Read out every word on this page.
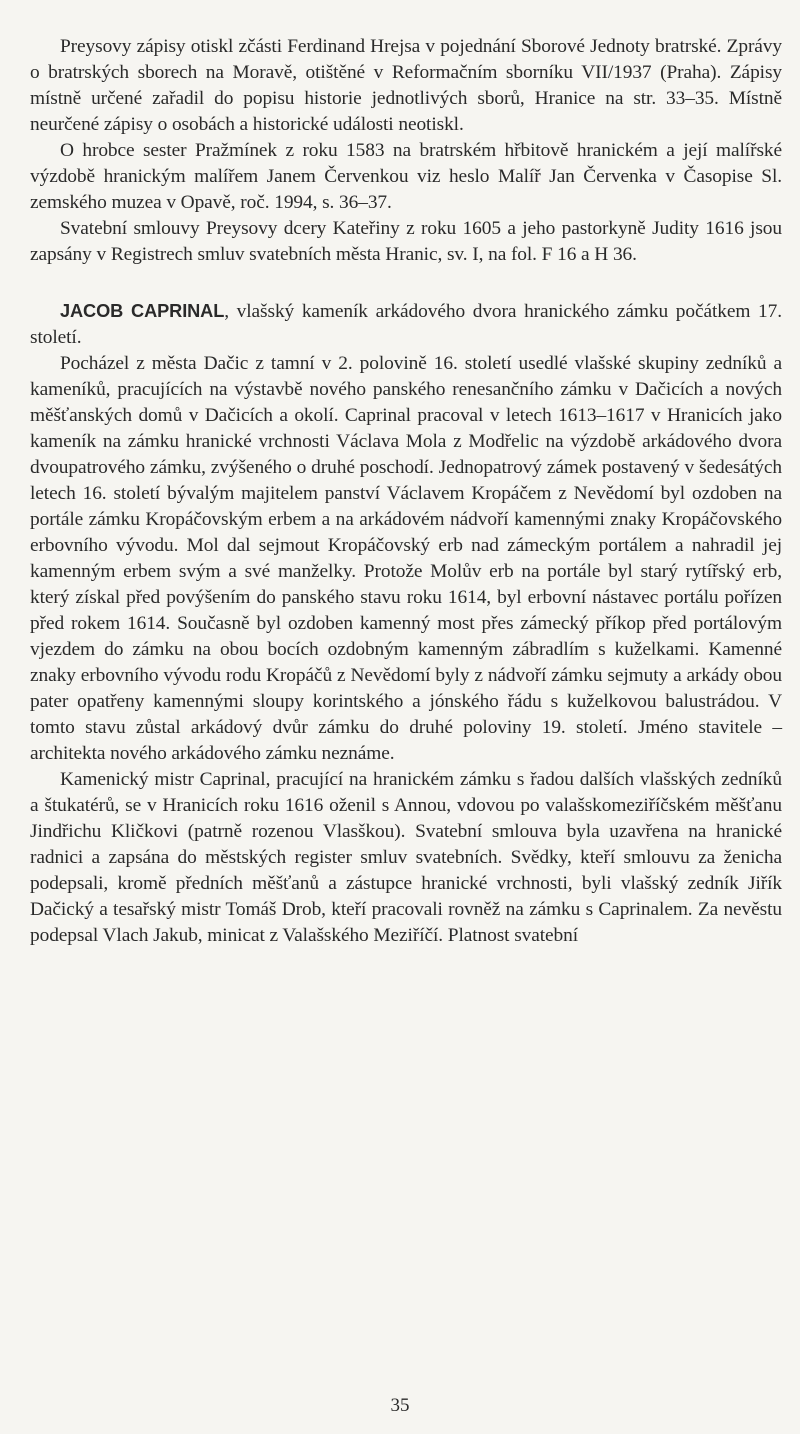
Preysovy zápisy otiskl zčásti Ferdinand Hrejsa v pojednání Sborové Jednoty bratrské. Zprávy o bratrských sborech na Moravě, otištěné v Reformačním sborníku VII/1937 (Praha). Zápisy místně určené zařadil do popisu historie jednotlivých sborů, Hranice na str. 33–35. Místně neurčené zápisy o osobách a historické události neotiskl.

O hrobce sester Pražmínek z roku 1583 na bratrském hřbitově hranickém a její malířské výzdobě hranickým malířem Janem Červenkou viz heslo Malíř Jan Červenka v Časopise Sl. zemského muzea v Opavě, roč. 1994, s. 36–37.

Svatební smlouvy Preysovy dcery Kateřiny z roku 1605 a jeho pastorkyně Judity 1616 jsou zapsány v Registrech smluv svatebních města Hranic, sv. I, na fol. F 16 a H 36.

JACOB CAPRINAL, vlašský kameník arkádového dvora hranického zámku počátkem 17. století.

Pocházel z města Dačic z tamní v 2. polovině 16. století usedlé vlašské skupiny zedníků a kameníků, pracujících na výstavbě nového panského renesančního zámku v Dačicích a nových měšťanských domů v Dačicích a okolí. Caprinal pracoval v letech 1613–1617 v Hranicích jako kameník na zámku hranické vrchnosti Václava Mola z Modřelic na výzdobě arkádového dvora dvoupatrového zámku, zvýšeného o druhé poschodí. Jednopatrový zámek postavený v šedesátých letech 16. století bývalým majitelem panství Václavem Kropáčem z Nevědomí byl ozdoben na portále zámku Kropáčovským erbem a na arkádovém nádvoří kamennými znaky Kropáčovského erbovního vývodu. Mol dal sejmout Kropáčovský erb nad zámeckým portálem a nahradil jej kamenným erbem svým a své manželky. Protože Molův erb na portále byl starý rytířský erb, který získal před povýšením do panského stavu roku 1614, byl erbovní nástavec portálu pořízen před rokem 1614. Současně byl ozdoben kamenný most přes zámecký příkop před portálovým vjezdem do zámku na obou bocích ozdobným kamenným zábradlím s kuželkami. Kamenné znaky erbovního vývodu rodu Kropáčů z Nevědomí byly z nádvoří zámku sejmuty a arkády obou pater opatřeny kamennými sloupy korintského a jónského řádu s kuželkovou balustrádou. V tomto stavu zůstal arkádový dvůr zámku do druhé poloviny 19. století. Jméno stavitele – architekta nového arkádového zámku neznáme.

Kamenický mistr Caprinal, pracující na hranickém zámku s řadou dalších vlašských zedníků a štukatérů, se v Hranicích roku 1616 oženil s Annou, vdovou po valašskomeziříčském měšťanu Jindřichu Kličkovi (patrně rozenou Vlasškou). Svatební smlouva byla uzavřena na hranické radnici a zapsána do městských register smluv svatebních. Svědky, kteří smlouvu za ženicha podepsali, kromě předních měšťanů a zástupce hranické vrchnosti, byli vlašský zedník Jiřík Dačický a tesařský mistr Tomáš Drob, kteří pracovali rovněž na zámku s Caprinalem. Za nevěstu podepsal Vlach Jakub, minicat z Valašského Meziříčí. Platnost svatební

35
